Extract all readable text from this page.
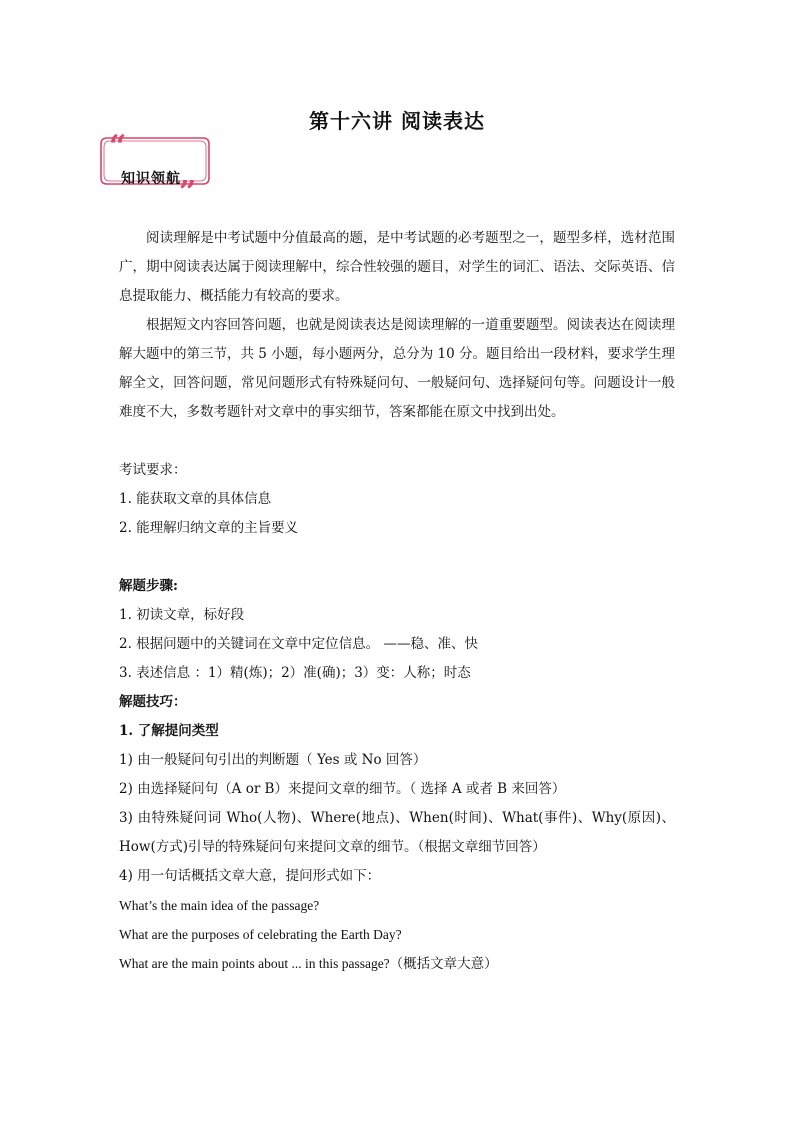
第十六讲 阅读表达
“
”
知识领航

阅读理解是中考试题中分值最高的题，是中考试题的必考题型之一，题型多样，选材范围广，期中阅读表达属于阅读理解中，综合性较强的题目，对学生的词汇、语法、交际英语、信息提取能力、概括能力有较高的要求。

根据短文内容回答问题，也就是阅读表达是阅读理解的一道重要题型。阅读表达在阅读理解大题中的第三节，共 5 小题，每小题两分，总分为 10 分。题目给出一段材料，要求学生理解全文，回答问题，常见问题形式有特殊疑问句、一般疑问句、选择疑问句等。问题设计一般难度不大，多数考题针对文章中的事实细节，答案都能在原文中找到出处。

考试要求：

1. 能获取文章的具体信息

2. 能理解归纳文章的主旨要义

解题步骤:

1. 初读文章，标好段

2. 根据问题中的关键词在文章中定位信息。 ——稳、准、快

3. 表述信息 ：1）精(炼)；2）准(确)；3）变：人称；时态

解题技巧：

1. 了解提问类型

1) 由一般疑问句引出的判断题（ Yes 或 No 回答）

2) 由选择疑问句（A or B）来提问文章的细节。（ 选择 A 或者 B 来回答）

3) 由特殊疑问词 Who(人物)、Where(地点)、When(时间)、What(事件)、Why(原因)、How(方式)引导的特殊疑问句来提问文章的细节。（根据文章细节回答）

4) 用一句话概括文章大意，提问形式如下：

What’s the main idea of the passage?

What are the purposes of celebrating the Earth Day?

What are the main points about ... in this passage?（概括文章大意）
